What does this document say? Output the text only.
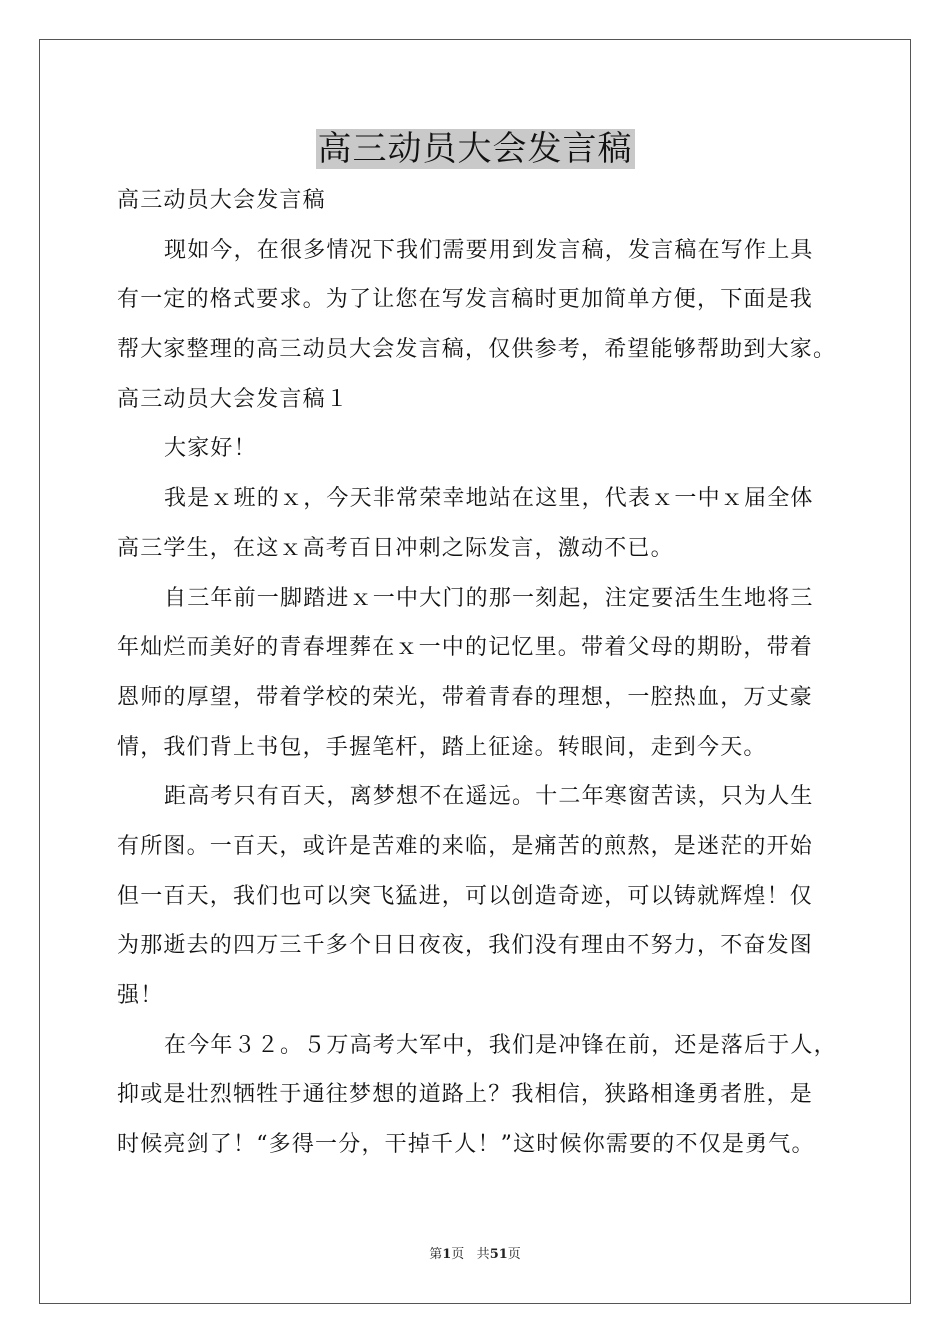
高三动员大会发言稿
高三动员大会发言稿
现如今，在很多情况下我们需要用到发言稿，发言稿在写作上具
有一定的格式要求。为了让您在写发言稿时更加简单方便，下面是我
帮大家整理的高三动员大会发言稿，仅供参考，希望能够帮助到大家。
高三动员大会发言稿１
大家好！
我是ｘ班的ｘ，今天非常荣幸地站在这里，代表ｘ一中ｘ届全体
高三学生，在这ｘ高考百日冲刺之际发言，激动不已。
自三年前一脚踏进ｘ一中大门的那一刻起，注定要活生生地将三
年灿烂而美好的青春埋葬在ｘ一中的记忆里。带着父母的期盼，带着
恩师的厚望，带着学校的荣光，带着青春的理想，一腔热血，万丈豪
情，我们背上书包，手握笔杆，踏上征途。转眼间，走到今天。
距高考只有百天，离梦想不在遥远。十二年寒窗苦读，只为人生
有所图。一百天，或许是苦难的来临，是痛苦的煎熬，是迷茫的开始
但一百天，我们也可以突飞猛进，可以创造奇迹，可以铸就辉煌！仅
为那逝去的四万三千多个日日夜夜，我们没有理由不努力，不奋发图
强！
在今年３２。５万高考大军中，我们是冲锋在前，还是落后于人，
抑或是壮烈牺牲于通往梦想的道路上？我相信，狭路相逢勇者胜，是
时候亮剑了！“多得一分，干掉千人！”这时候你需要的不仅是勇气。
第1页 共51页
